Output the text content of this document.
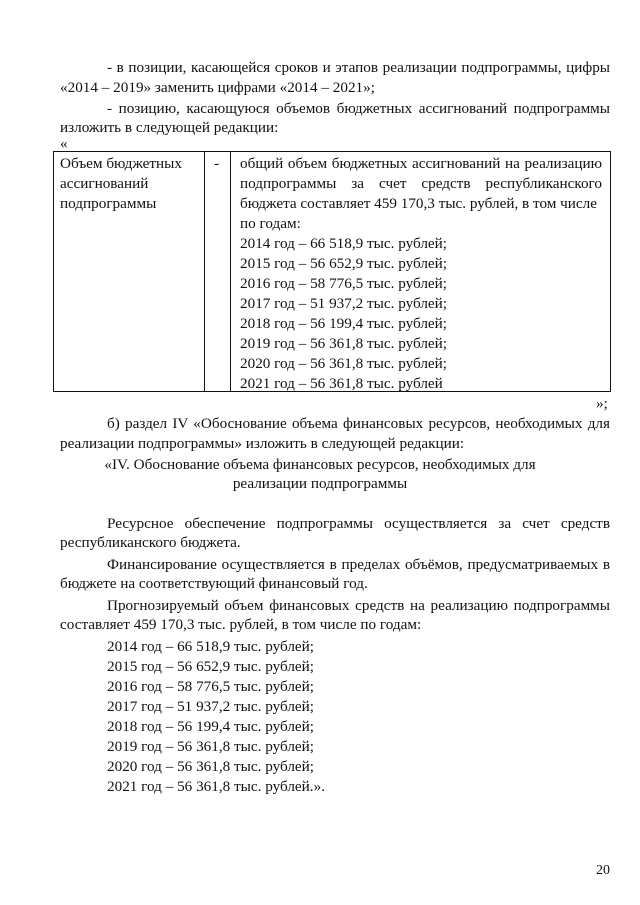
- в позиции, касающейся сроков и этапов реализации подпрограммы, цифры
«2014 – 2019» заменить цифрами «2014 – 2021»;
- позицию, касающуюся объемов бюджетных ассигнований подпрограммы
изложить в следующей редакции:
«
Объем бюджетных
ассигнований
подпрограммы
- общий объем бюджетных ассигнований на реализацию
подпрограммы за счет средств республиканского
бюджета составляет 459 170,3 тыс. рублей, в том числе
по годам:
2014 год – 66 518,9 тыс. рублей;
2015 год – 56 652,9 тыс. рублей;
2016 год – 58 776,5 тыс. рублей;
2017 год – 51 937,2 тыс. рублей;
2018 год – 56 199,4 тыс. рублей;
2019 год – 56 361,8 тыс. рублей;
2020 год – 56 361,8 тыс. рублей;
2021 год – 56 361,8 тыс. рублей
»;
б) раздел IV «Обоснование объема финансовых ресурсов, необходимых для
реализации подпрограммы» изложить в следующей редакции:
«IV. Обоснование объема финансовых ресурсов, необходимых для
реализации подпрограммы
Ресурсное обеспечение подпрограммы осуществляется за счет средств
республиканского бюджета.
Финансирование осуществляется в пределах объёмов, предусматриваемых в
бюджете на соответствующий финансовый год.
Прогнозируемый объем финансовых средств на реализацию подпрограммы
составляет 459 170,3 тыс. рублей, в том числе по годам:
2014 год – 66 518,9 тыс. рублей;
2015 год – 56 652,9 тыс. рублей;
2016 год – 58 776,5 тыс. рублей;
2017 год – 51 937,2 тыс. рублей;
2018 год – 56 199,4 тыс. рублей;
2019 год – 56 361,8 тыс. рублей;
2020 год – 56 361,8 тыс. рублей;
2021 год – 56 361,8 тыс. рублей.».
20
